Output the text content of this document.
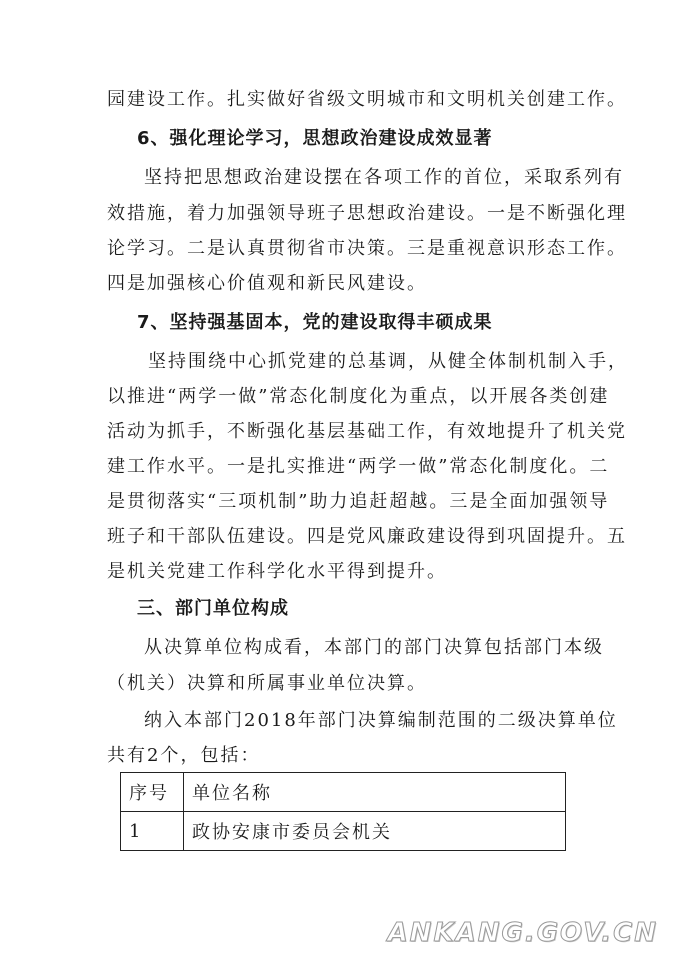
园建设工作。扎实做好省级文明城市和文明机关创建工作。
6、强化理论学习，思想政治建设成效显著
坚持把思想政治建设摆在各项工作的首位，采取系列有
效措施，着力加强领导班子思想政治建设。一是不断强化理
论学习。二是认真贯彻省市决策。三是重视意识形态工作。
四是加强核心价值观和新民风建设。
7、坚持强基固本，党的建设取得丰硕成果
坚持围绕中心抓党建的总基调，从健全体制机制入手，
以推进“两学一做”常态化制度化为重点，以开展各类创建
活动为抓手，不断强化基层基础工作，有效地提升了机关党
建工作水平。一是扎实推进“两学一做”常态化制度化。二
是贯彻落实“三项机制”助力追赶超越。三是全面加强领导
班子和干部队伍建设。四是党风廉政建设得到巩固提升。五
是机关党建工作科学化水平得到提升。
三、部门单位构成
从决算单位构成看，本部门的部门决算包括部门本级
（机关）决算和所属事业单位决算。
纳入本部门2018年部门决算编制范围的二级决算单位
共有2个，包括：
序号	单位名称
1	政协安康市委员会机关
ANKANG.GOV.CN
